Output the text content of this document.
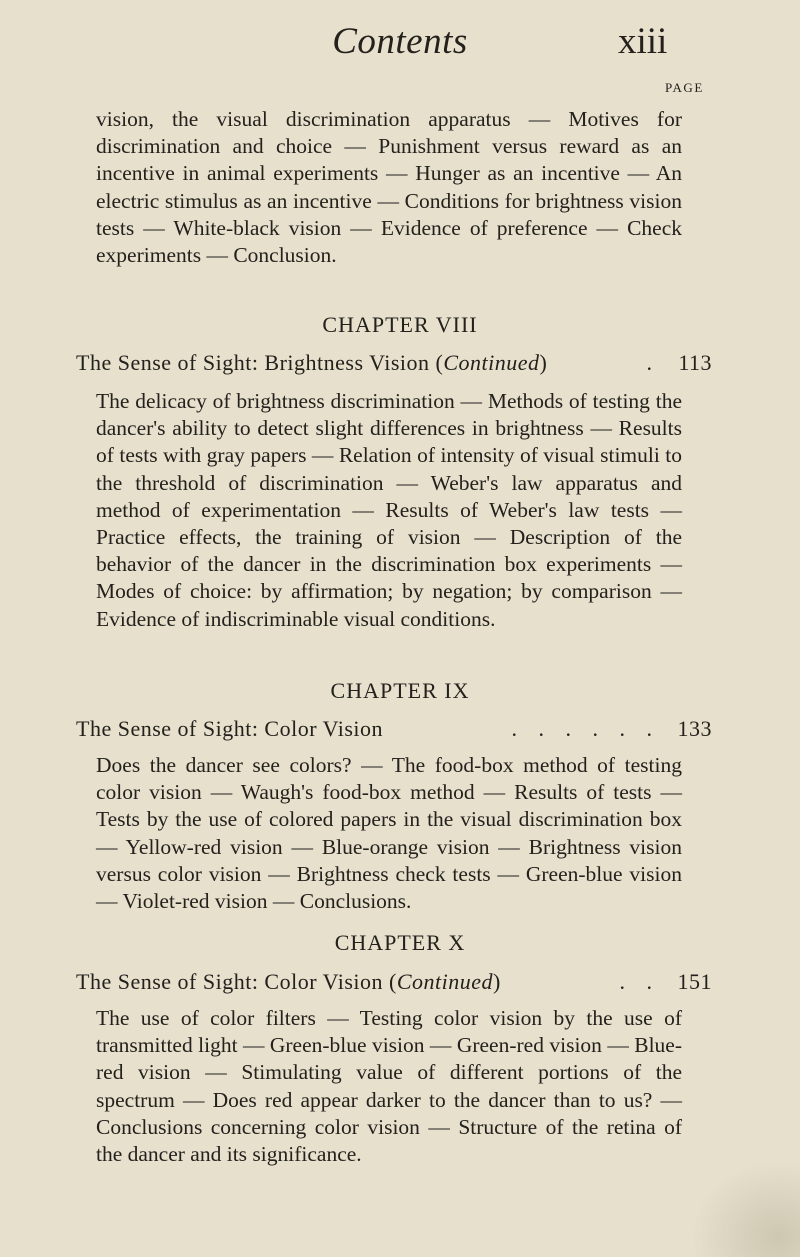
Contents	xiii
PAGE
vision, the visual discrimination apparatus — Motives for discrimination and choice — Punishment versus reward as an incentive in animal experiments — Hunger as an incentive — An electric stimulus as an incentive — Conditions for brightness vision tests — White-black vision — Evidence of preference — Check experiments — Conclusion.
CHAPTER VIII
The Sense of Sight: Brightness Vision (Continued)	. 113
The delicacy of brightness discrimination — Methods of testing the dancer's ability to detect slight differences in brightness — Results of tests with gray papers — Relation of intensity of visual stimuli to the threshold of discrimination — Weber's law apparatus and method of experimentation — Results of Weber's law tests — Practice effects, the training of vision — Description of the behavior of the dancer in the discrimination box experiments — Modes of choice: by affirmation; by negation; by comparison — Evidence of indiscriminable visual conditions.
CHAPTER IX
The Sense of Sight: Color Vision	. . . . . . 133
Does the dancer see colors? — The food-box method of testing color vision — Waugh's food-box method — Results of tests — Tests by the use of colored papers in the visual discrimination box — Yellow-red vision — Blue-orange vision — Brightness vision versus color vision — Brightness check tests — Green-blue vision — Violet-red vision — Conclusions.
CHAPTER X
The Sense of Sight: Color Vision (Continued)	. . 151
The use of color filters — Testing color vision by the use of transmitted light — Green-blue vision — Green-red vision — Blue-red vision — Stimulating value of different portions of the spectrum — Does red appear darker to the dancer than to us? — Conclusions concerning color vision — Structure of the retina of the dancer and its significance.
